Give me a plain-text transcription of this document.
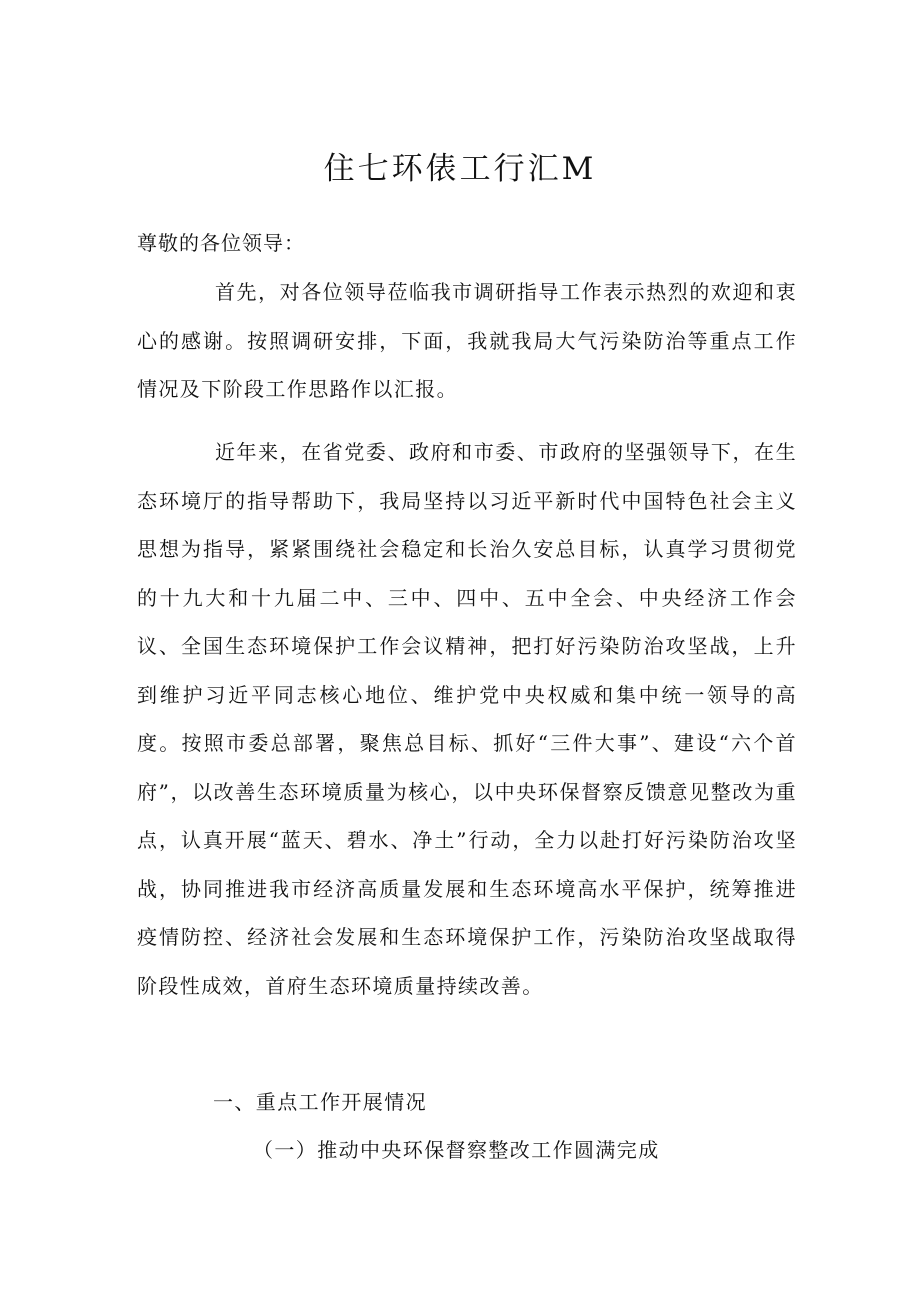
住七环俵工行汇M
尊敬的各位领导：

首先，对各位领导莅临我市调研指导工作表示热烈的欢迎和衷心的感谢。按照调研安排，下面，我就我局大气污染防治等重点工作情况及下阶段工作思路作以汇报。

近年来，在省党委、政府和市委、市政府的坚强领导下，在生态环境厅的指导帮助下，我局坚持以习近平新时代中国特色社会主义思想为指导，紧紧围绕社会稳定和长治久安总目标，认真学习贯彻党的十九大和十九届二中、三中、四中、五中全会、中央经济工作会议、全国生态环境保护工作会议精神，把打好污染防治攻坚战，上升到维护习近平同志核心地位、维护党中央权威和集中统一领导的高度。按照市委总部署，聚焦总目标、抓好“三件大事”、建设“六个首府”，以改善生态环境质量为核心，以中央环保督察反馈意见整改为重点，认真开展“蓝天、碧水、净土”行动，全力以赴打好污染防治攻坚战，协同推进我市经济高质量发展和生态环境高水平保护，统筹推进疫情防控、经济社会发展和生态环境保护工作，污染防治攻坚战取得阶段性成效，首府生态环境质量持续改善。

一、重点工作开展情况
（一）推动中央环保督察整改工作圆满完成
